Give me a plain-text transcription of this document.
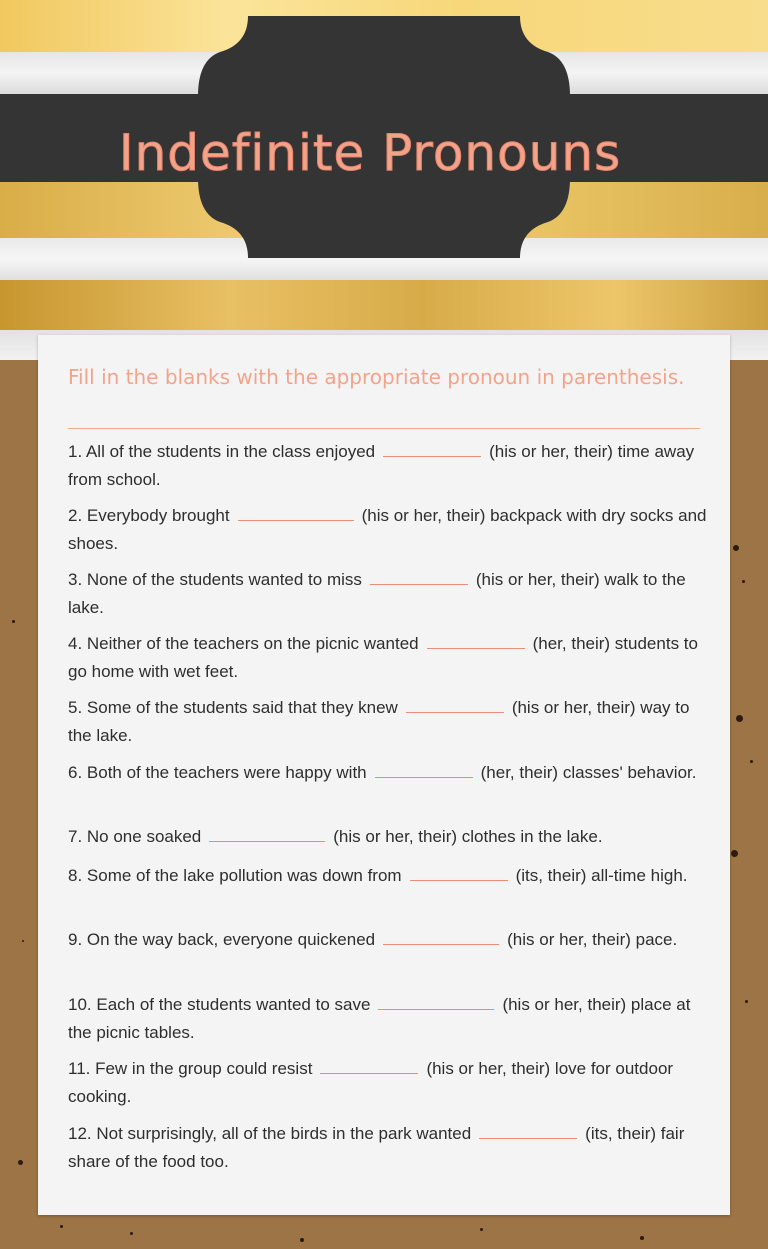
Indefinite Pronouns

Fill in the blanks with the appropriate pronoun in parenthesis.

1. All of the students in the class enjoyed	(his or her, their) time away from school.

2. Everybody brought	(his or her, their) backpack with dry socks and shoes.

3. None of the students wanted to miss	(his or her, their) walk to the lake.

4. Neither of the teachers on the picnic wanted	(her, their) students to go home with wet feet.

5. Some of the students said that they knew	(his or her, their) way to the lake.

6. Both of the teachers were happy with	(her, their) classes' behavior.

7. No one soaked	(his or her, their) clothes in the lake.

8. Some of the lake pollution was down from	(its, their) all-time high.

9. On the way back, everyone quickened	(his or her, their) pace.

10. Each of the students wanted to save	(his or her, their) place at the picnic tables.

11. Few in the group could resist	(his or her, their) love for outdoor cooking.

12. Not surprisingly, all of the birds in the park wanted	(its, their) fair share of the food too.
